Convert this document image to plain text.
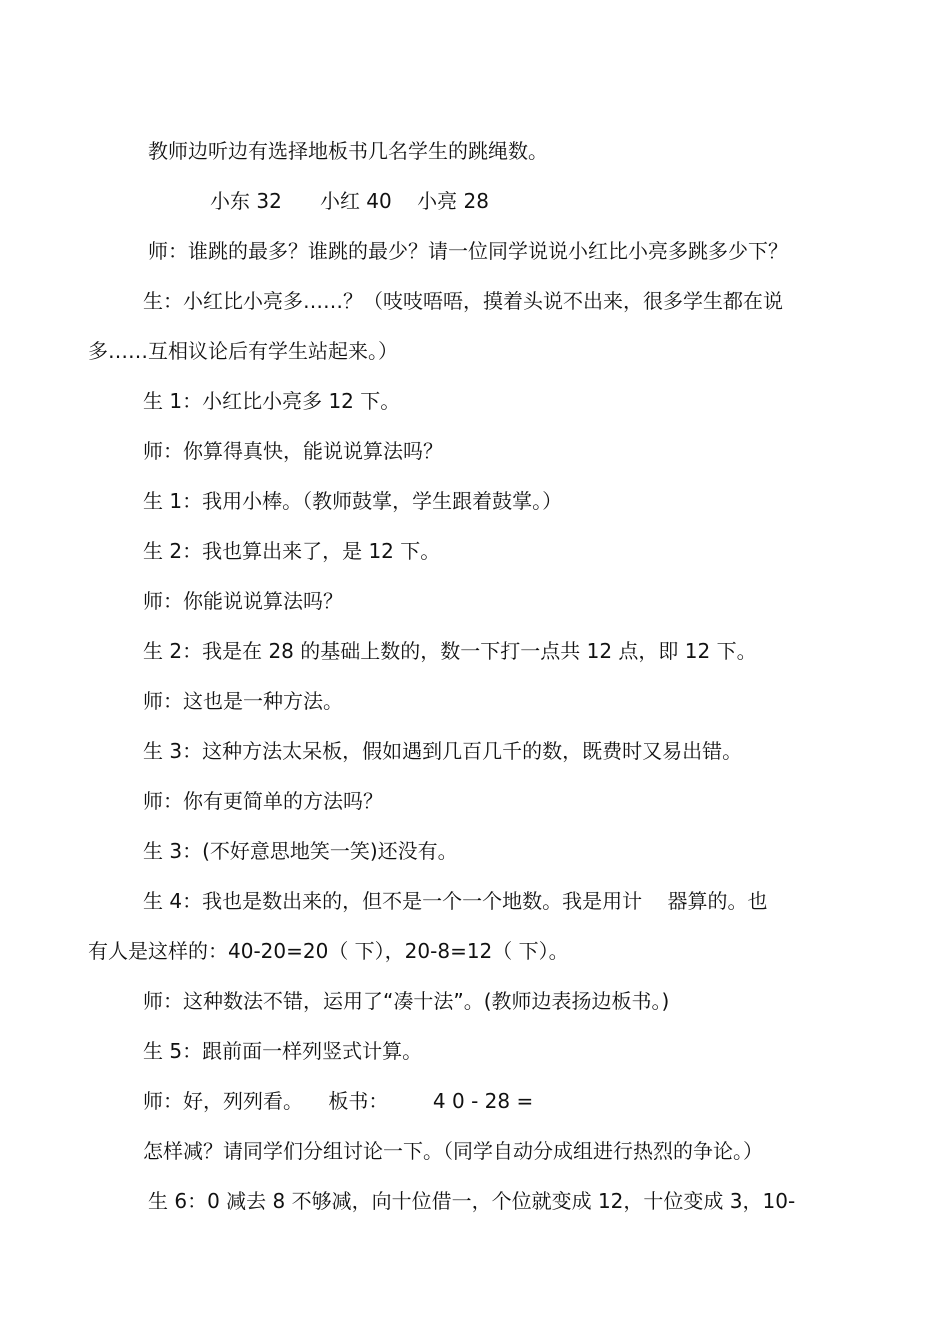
教师边听边有选择地板书几名学生的跳绳数。

小东 32      小红 40    小亮 28

师：谁跳的最多？谁跳的最少？请一位同学说说小红比小亮多跳多少下？

生：小红比小亮多……？（吱吱唔唔，摸着头说不出来，很多学生都在说

多……互相议论后有学生站起来。）

生 1：小红比小亮多 12 下。

师：你算得真快，能说说算法吗？

生 1：我用小棒。（教师鼓掌，学生跟着鼓掌。）

生 2：我也算出来了，是 12 下。

师：你能说说算法吗？

生 2：我是在 28 的基础上数的，数一下打一点共 12 点，即 12 下。

师：这也是一种方法。

生 3：这种方法太呆板，假如遇到几百几千的数，既费时又易出错。

师：你有更简单的方法吗？

生 3：(不好意思地笑一笑)还没有。

生 4：我也是数出来的，但不是一个一个地数。我是用计    器算的。也

有人是这样的：40-20=20（ 下），20-8=12（ 下）。

师：这种数法不错，运用了“凑十法”。(教师边表扬边板书。)

生 5：跟前面一样列竖式计算。

师：好，列列看。    板书：       4 0 - 28 =

怎样减？请同学们分组讨论一下。（同学自动分成组进行热烈的争论。）

生 6：0 减去 8 不够减，向十位借一，个位就变成 12，十位变成 3，10-
